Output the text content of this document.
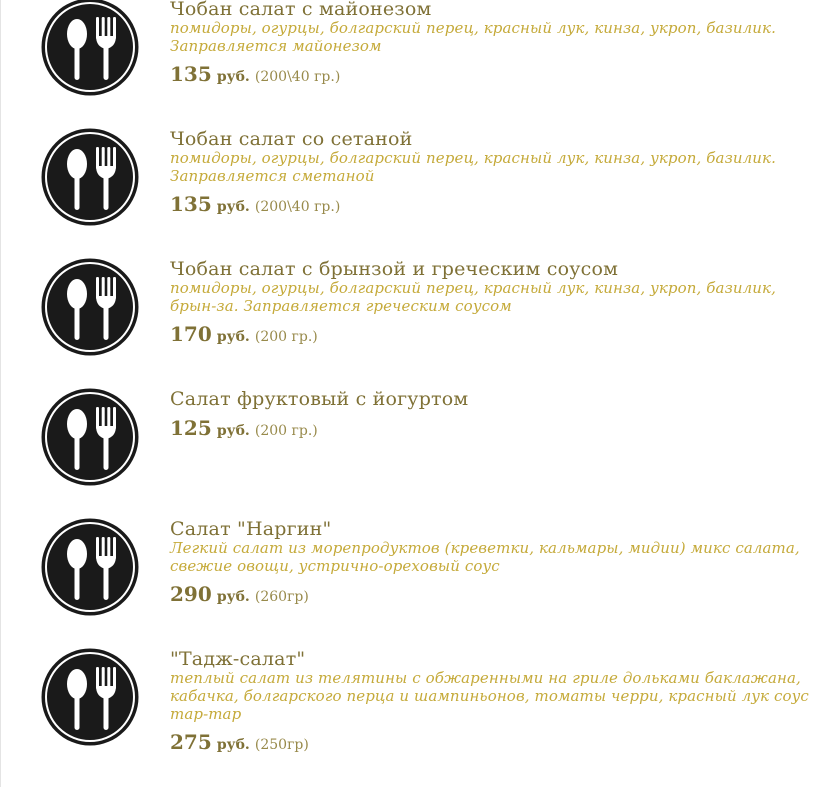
Чобан салат с майонезом
помидоры, огурцы, болгарский перец, красный лук, кинза, укроп, базилик. Заправляется майонезом
135 руб. (200\40 гр.)
Чобан салат со сетаной
помидоры, огурцы, болгарский перец, красный лук, кинза, укроп, базилик. Заправляется сметаной
135 руб. (200\40 гр.)
Чобан салат с брынзой и греческим соусом
помидоры, огурцы, болгарский перец, красный лук, кинза, укроп, базилик, брын-за. Заправляется греческим соусом
170 руб. (200 гр.)
Салат фруктовый с йогуртом
125 руб. (200 гр.)
Салат "Наргин"
Легкий салат из морепродуктов (креветки, кальмары, мидии) микс салата, свежие овощи, устрично-ореховый соус
290 руб. (260гр)
"Тадж-салат"
теплый салат из телятины с обжаренными на гриле дольками баклажана, кабачка, болгарского перца и шампиньонов, томаты черри, красный лук соус тар-тар
275 руб. (250гр)
